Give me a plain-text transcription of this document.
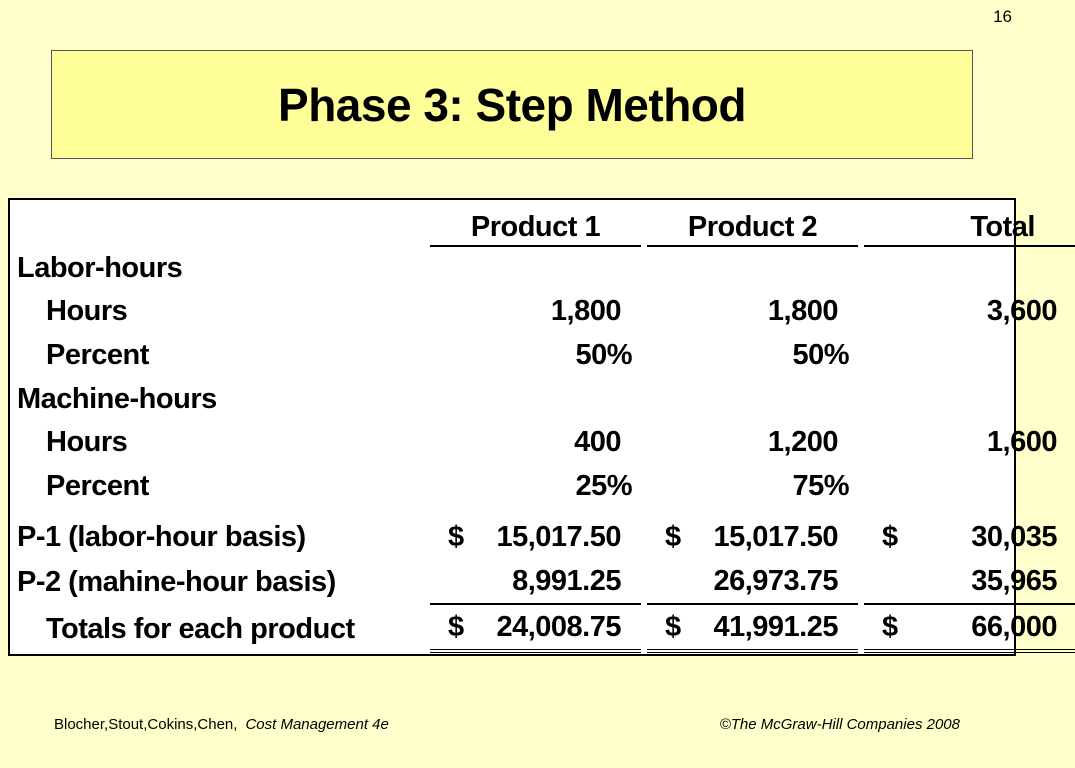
16
Phase 3: Step Method
	Product 1		Product 2		Total
Labor-hours					
Hours	1,800		1,800		3,600
Percent	50%		50%		
Machine-hours					
Hours	400		1,200		1,600
Percent	25%		75%		
P-1 (labor-hour basis)	$ 15,017.50		$ 15,017.50		$ 30,035
P-2 (mahine-hour basis)	8,991.25		26,973.75		35,965
Totals for each product	$ 24,008.75		$ 41,991.25		$ 66,000
Blocher,Stout,Cokins,Chen, Cost Management 4e	©The McGraw-Hill Companies 2008
